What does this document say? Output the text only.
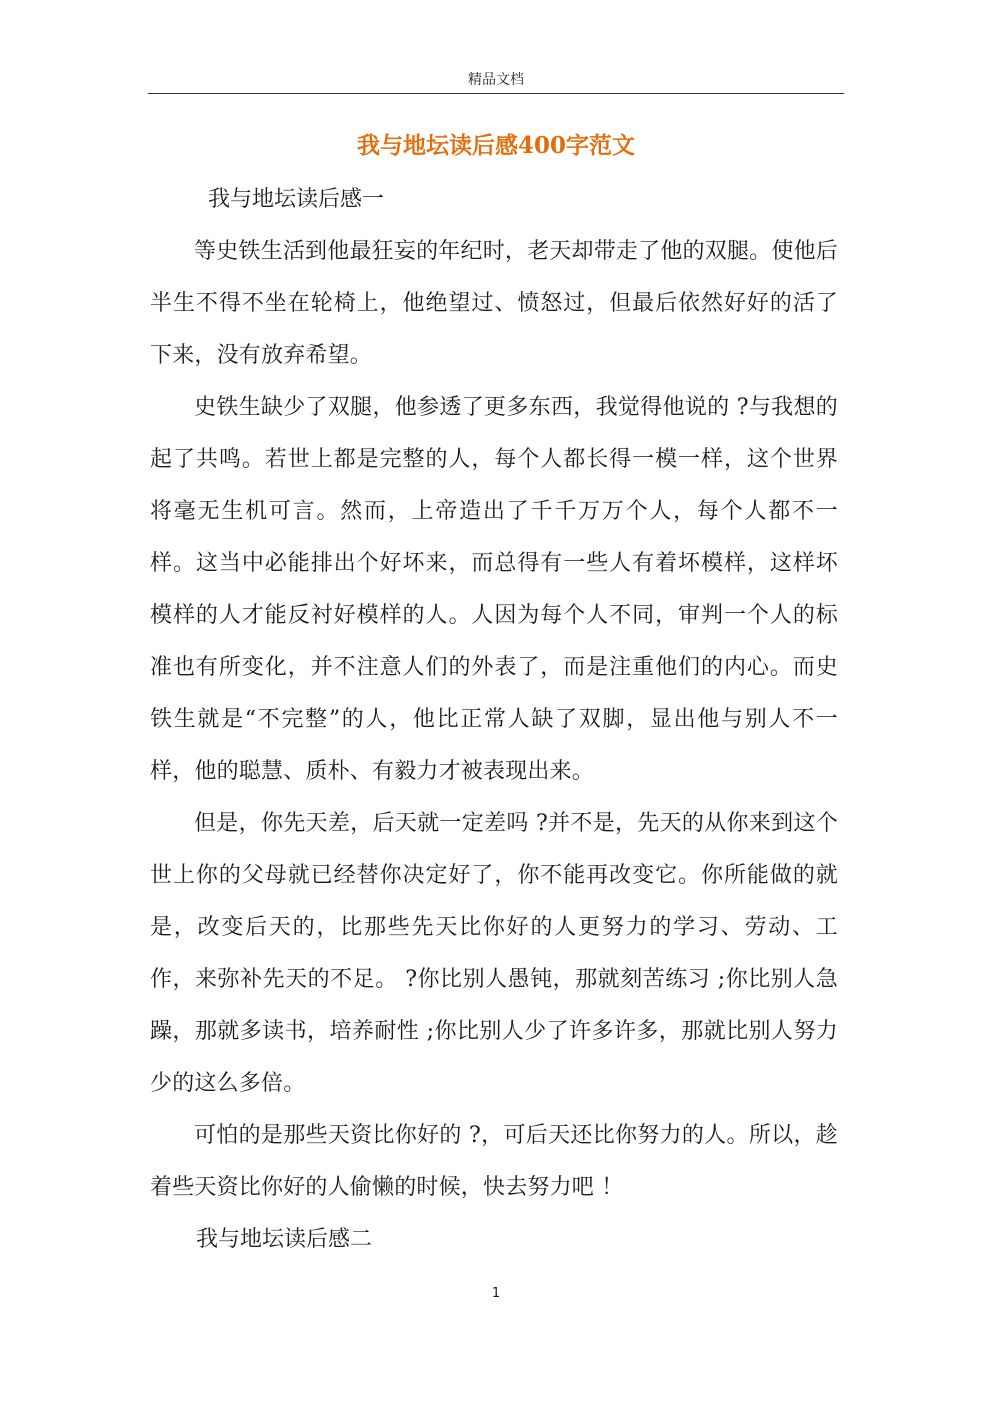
精品文档
我与地坛读后感400字范文

我与地坛读后感一

等史铁生活到他最狂妄的年纪时，老天却带走了他的双腿。使他后半生不得不坐在轮椅上，他绝望过、愤怒过，但最后依然好好的活了下来，没有放弃希望。

史铁生缺少了双腿，他参透了更多东西，我觉得他说的 ?与我想的起了共鸣。若世上都是完整的人，每个人都长得一模一样，这个世界将毫无生机可言。然而，上帝造出了千千万万个人，每个人都不一样。这当中必能排出个好坏来，而总得有一些人有着坏模样，这样坏模样的人才能反衬好模样的人。人因为每个人不同，审判一个人的标准也有所变化，并不注意人们的外表了，而是注重他们的内心。而史铁生就是“不完整”的人，他比正常人缺了双脚，显出他与别人不一样，他的聪慧、质朴、有毅力才被表现出来。

但是，你先天差，后天就一定差吗 ?并不是，先天的从你来到这个世上你的父母就已经替你决定好了，你不能再改变它。你所能做的就是，改变后天的，比那些先天比你好的人更努力的学习、劳动、工作，来弥补先天的不足。 ?你比别人愚钝，那就刻苦练习 ;你比别人急躁，那就多读书，培养耐性 ;你比别人少了许多许多，那就比别人努力少的这么多倍。

可怕的是那些天资比你好的 ?，可后天还比你努力的人。所以，趁着些天资比你好的人偷懒的时候，快去努力吧 ！

我与地坛读后感二

1
